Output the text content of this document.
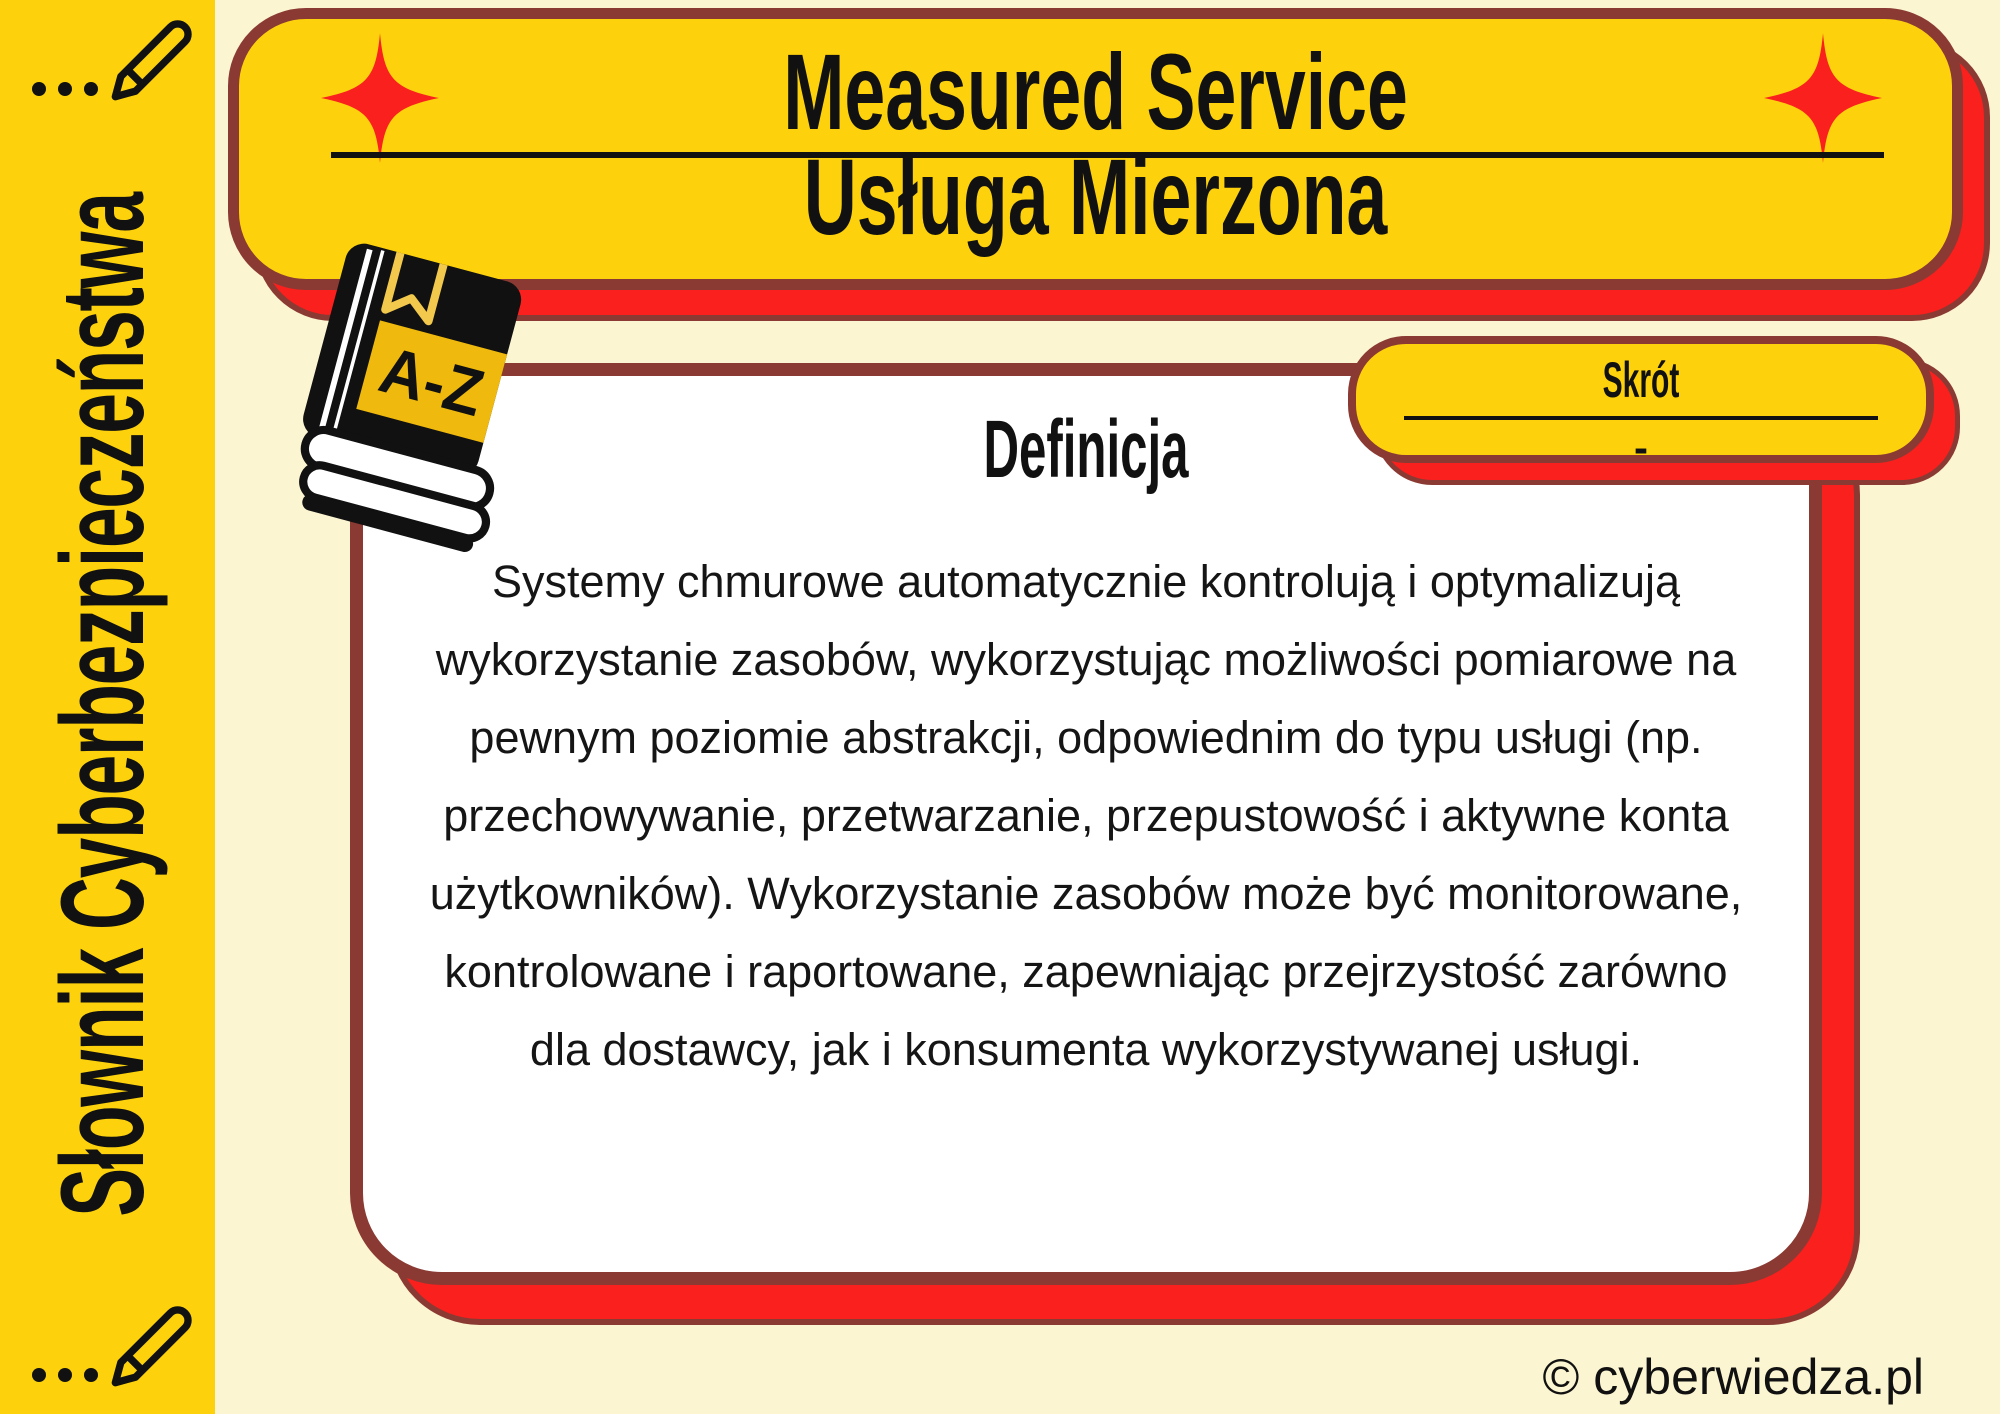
Słownik Cyberbezpieczeństwa
Measured Service
Usługa Mierzona
Skrót
-
Definicja

Systemy chmurowe automatycznie kontrolują i optymalizują wykorzystanie zasobów, wykorzystując możliwości pomiarowe na pewnym poziomie abstrakcji, odpowiednim do typu usługi (np. przechowywanie, przetwarzanie, przepustowość i aktywne konta użytkowników). Wykorzystanie zasobów może być monitorowane, kontrolowane i raportowane, zapewniając przejrzystość zarówno dla dostawcy, jak i konsumenta wykorzystywanej usługi.

A-Z
© cyberwiedza.pl
